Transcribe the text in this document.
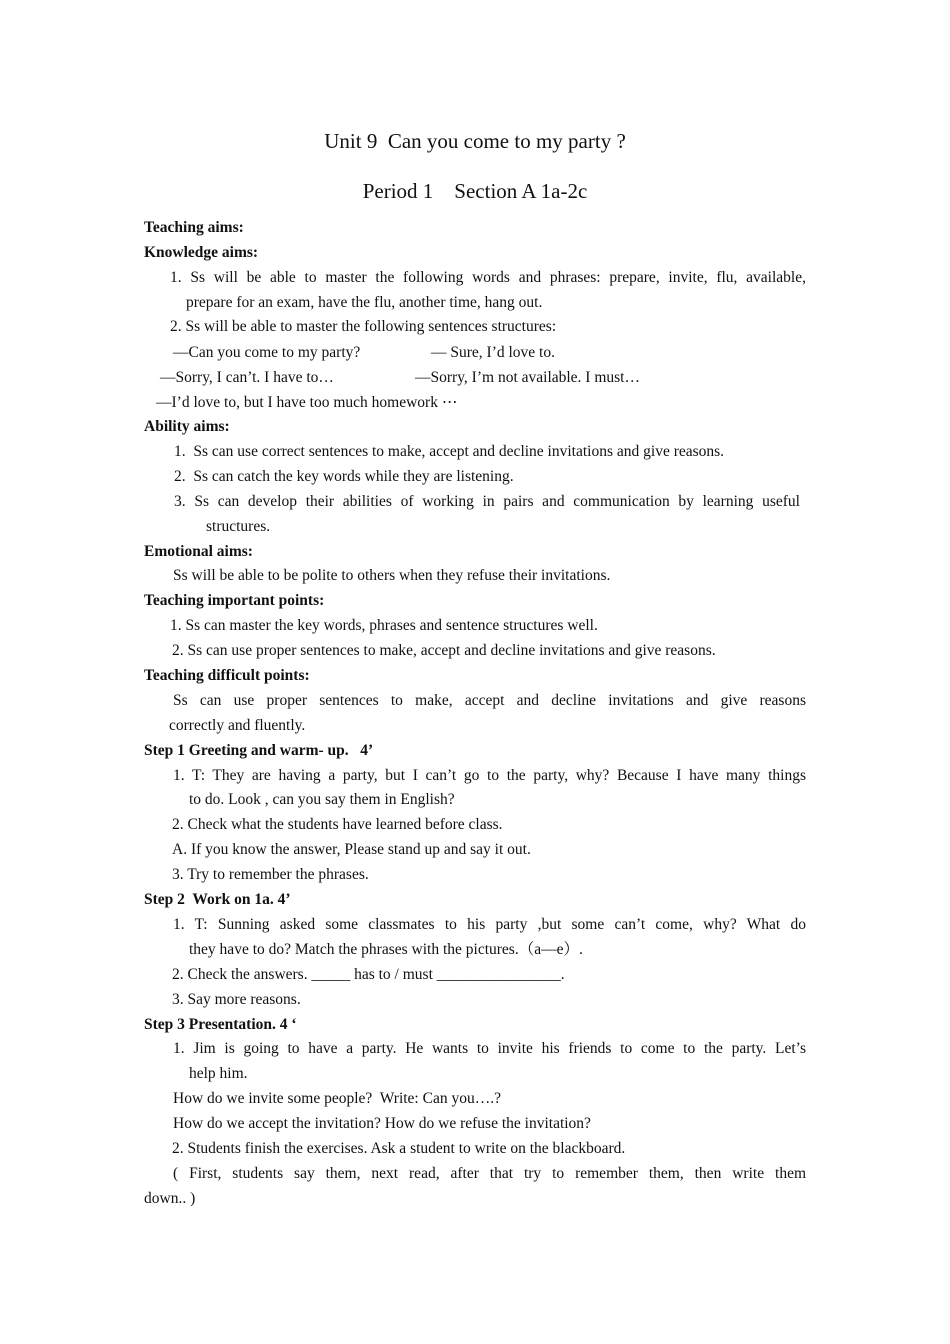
Unit 9  Can you come to my party ?
Period 1    Section A 1a-2c
Teaching aims:
Knowledge aims:
1. Ss will be able to master the following words and phrases: prepare, invite, flu, available,
prepare for an exam, have the flu, another time, hang out.
2. Ss will be able to master the following sentences structures:
—Can you come to my party?	— Sure, I’d love to.
—Sorry, I can’t. I have to…	—Sorry, I’m not available. I must…
—I’d love to, but I have too much homework ⋯
Ability aims:
1.  Ss can use correct sentences to make, accept and decline invitations and give reasons.
2.  Ss can catch the key words while they are listening.
3. Ss can develop their abilities of working in pairs and communication by learning useful
structures.
Emotional aims:
Ss will be able to be polite to others when they refuse their invitations.
Teaching important points:
1. Ss can master the key words, phrases and sentence structures well.
2. Ss can use proper sentences to make, accept and decline invitations and give reasons.
Teaching difficult points:
Ss can use proper sentences to make, accept and decline invitations and give reasons
correctly and fluently.
Step 1 Greeting and warm- up.   4’
1. T: They are having a party, but I can’t go to the party, why? Because I have many things
to do. Look , can you say them in English?
2. Check what the students have learned before class.
A. If you know the answer, Please stand up and say it out.
3. Try to remember the phrases.
Step 2  Work on 1a. 4’
1. T: Sunning asked some classmates to his party ,but some can’t come, why? What do
they have to do? Match the phrases with the pictures.（a—e）.
2. Check the answers. _____ has to / must ________________.
3. Say more reasons.
Step 3 Presentation. 4 ‘
1. Jim is going to have a party. He wants to invite his friends to come to the party. Let’s
help him.
How do we invite some people?  Write: Can you….?
How do we accept the invitation? How do we refuse the invitation?
2. Students finish the exercises. Ask a student to write on the blackboard.
( First, students say them, next read, after that try to remember them, then write them
down.. )
